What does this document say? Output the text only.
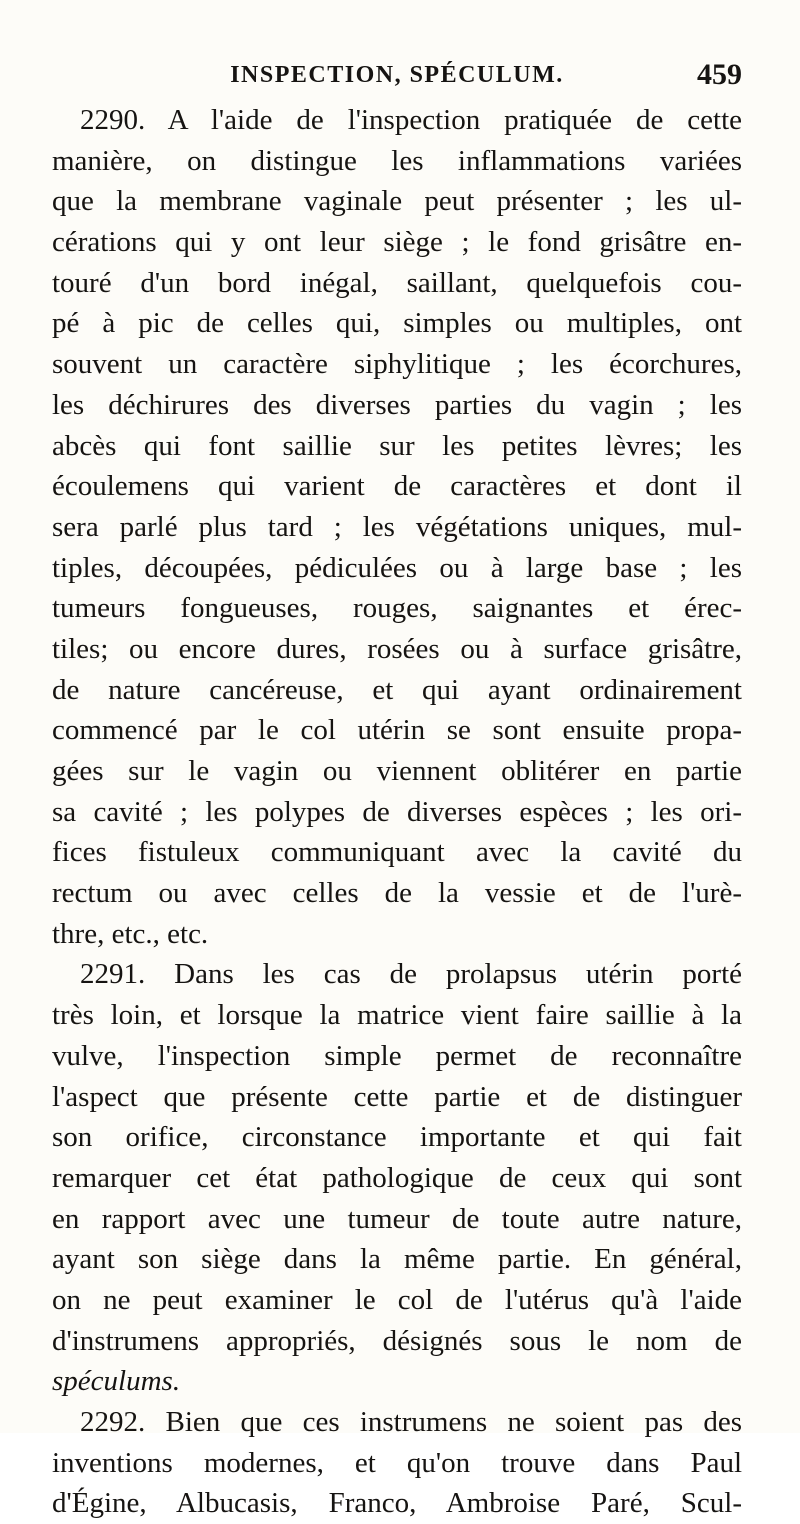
INSPECTION, SPÉCULUM.	459
2290. A l'aide de l'inspection pratiquée de cette
manière, on distingue les inflammations variées
que la membrane vaginale peut présenter ; les ul-
cérations qui y ont leur siège ; le fond grisâtre en-
touré d'un bord inégal, saillant, quelquefois cou-
pé à pic de celles qui, simples ou multiples, ont
souvent un caractère siphylitique ; les écorchures,
les déchirures des diverses parties du vagin ; les
abcès qui font saillie sur les petites lèvres; les
écoulemens qui varient de caractères et dont il
sera parlé plus tard ; les végétations uniques, mul-
tiples, découpées, pédiculées ou à large base ; les
tumeurs fongueuses, rouges, saignantes et érec-
tiles; ou encore dures, rosées ou à surface grisâtre,
de nature cancéreuse, et qui ayant ordinairement
commencé par le col utérin se sont ensuite propa-
gées sur le vagin ou viennent oblitérer en partie
sa cavité ; les polypes de diverses espèces ; les ori-
fices fistuleux communiquant avec la cavité du
rectum ou avec celles de la vessie et de l'urè-
thre, etc., etc.
2291. Dans les cas de prolapsus utérin porté
très loin, et lorsque la matrice vient faire saillie à la
vulve, l'inspection simple permet de reconnaître
l'aspect que présente cette partie et de distinguer
son orifice, circonstance importante et qui fait
remarquer cet état pathologique de ceux qui sont
en rapport avec une tumeur de toute autre nature,
ayant son siège dans la même partie. En général,
on ne peut examiner le col de l'utérus qu'à l'aide
d'instrumens appropriés, désignés sous le nom de
spéculums.
2292. Bien que ces instrumens ne soient pas des
inventions modernes, et qu'on trouve dans Paul
d'Égine, Albucasis, Franco, Ambroise Paré, Scul-
